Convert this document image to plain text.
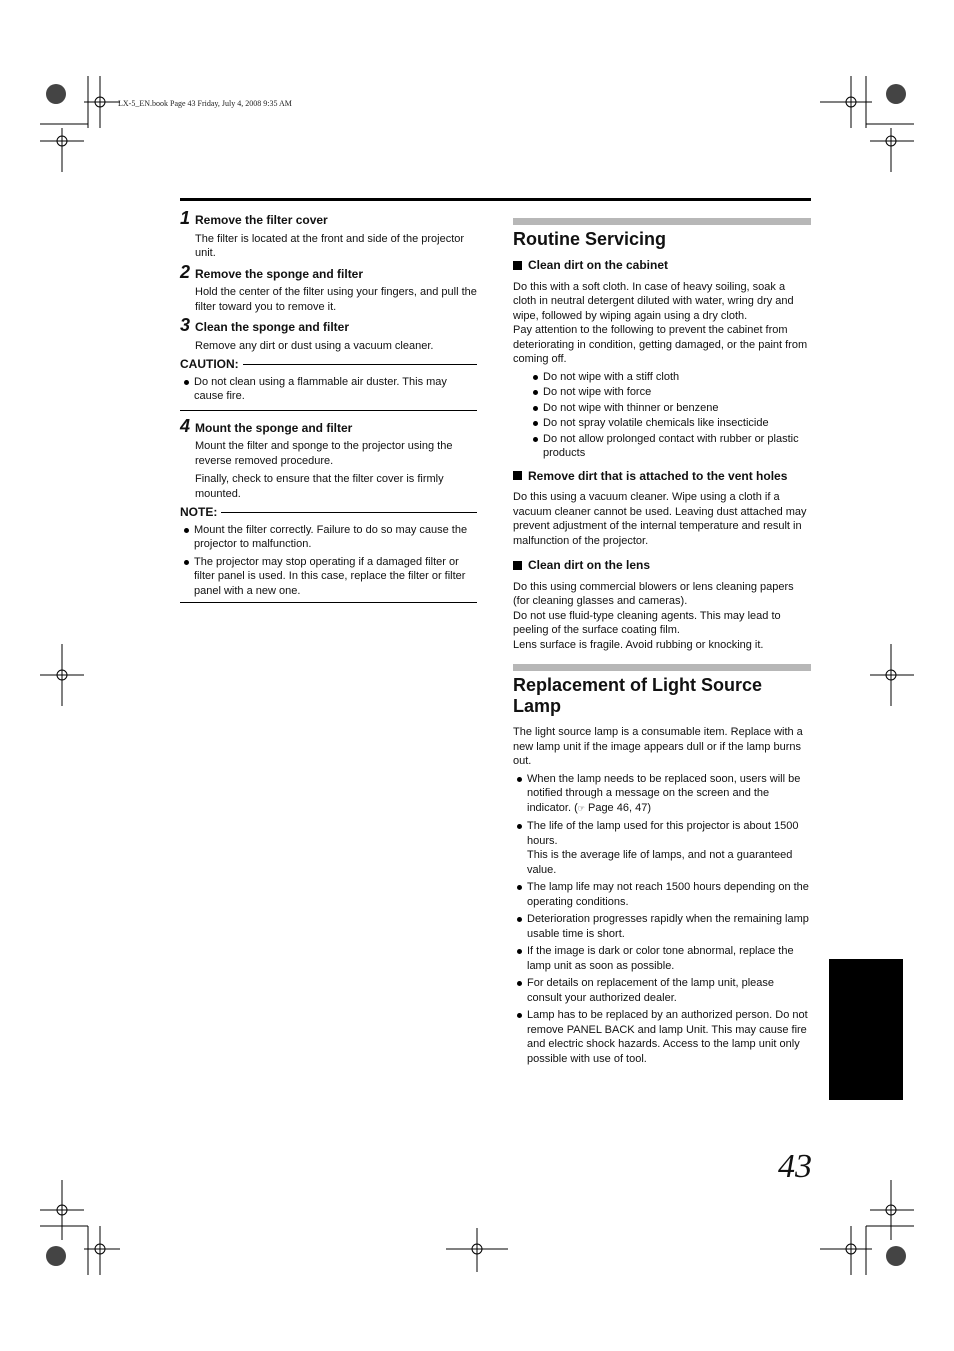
LX-5_EN.book Page 43 Friday, July 4, 2008 9:35 AM
1 Remove the filter cover

The filter is located at the front and side of the projector unit.

2 Remove the sponge and filter

Hold the center of the filter using your fingers, and pull the filter toward you to remove it.

3 Clean the sponge and filter

Remove any dirt or dust using a vacuum cleaner.

CAUTION:
Do not clean using a flammable air duster. This may cause fire.
4 Mount the sponge and filter

Mount the filter and sponge to the projector using the reverse removed procedure.

Finally, check to ensure that the filter cover is firmly mounted.

NOTE:
Mount the filter correctly. Failure to do so may cause the projector to malfunction.
The projector may stop operating if a damaged filter or filter panel is used. In this case, replace the filter or filter panel with a new one.
Routine Servicing
Clean dirt on the cabinet

Do this with a soft cloth. In case of heavy soiling, soak a cloth in neutral detergent diluted with water, wring dry and wipe, followed by wiping again using a dry cloth.

Pay attention to the following to prevent the cabinet from deteriorating in condition, getting damaged, or the paint from coming off.

Do not wipe with a stiff cloth
Do not wipe with force
Do not wipe with thinner or benzene
Do not spray volatile chemicals like insecticide
Do not allow prolonged contact with rubber or plastic products
Remove dirt that is attached to the vent holes

Do this using a vacuum cleaner. Wipe using a cloth if a vacuum cleaner cannot be used. Leaving dust attached may prevent adjustment of the internal temperature and result in malfunction of the projector.

Clean dirt on the lens

Do this using commercial blowers or lens cleaning papers (for cleaning glasses and cameras).

Do not use fluid-type cleaning agents. This may lead to peeling of the surface coating film.

Lens surface is fragile. Avoid rubbing or knocking it.

Replacement of Light Source Lamp

The light source lamp is a consumable item. Replace with a new lamp unit if the image appears dull or if the lamp burns out.

When the lamp needs to be replaced soon, users will be notified through a message on the screen and the indicator. (☞ Page 46, 47)
The life of the lamp used for this projector is about 1500 hours.
This is the average life of lamps, and not a guaranteed value.
The lamp life may not reach 1500 hours depending on the operating conditions.
Deterioration progresses rapidly when the remaining lamp usable time is short.
If the image is dark or color tone abnormal, replace the lamp unit as soon as possible.
For details on replacement of the lamp unit, please consult your authorized dealer.
Lamp has to be replaced by an authorized person. Do not remove PANEL BACK and lamp Unit. This may cause fire and electric shock hazards. Access to the lamp unit only possible with use of tool.
43
